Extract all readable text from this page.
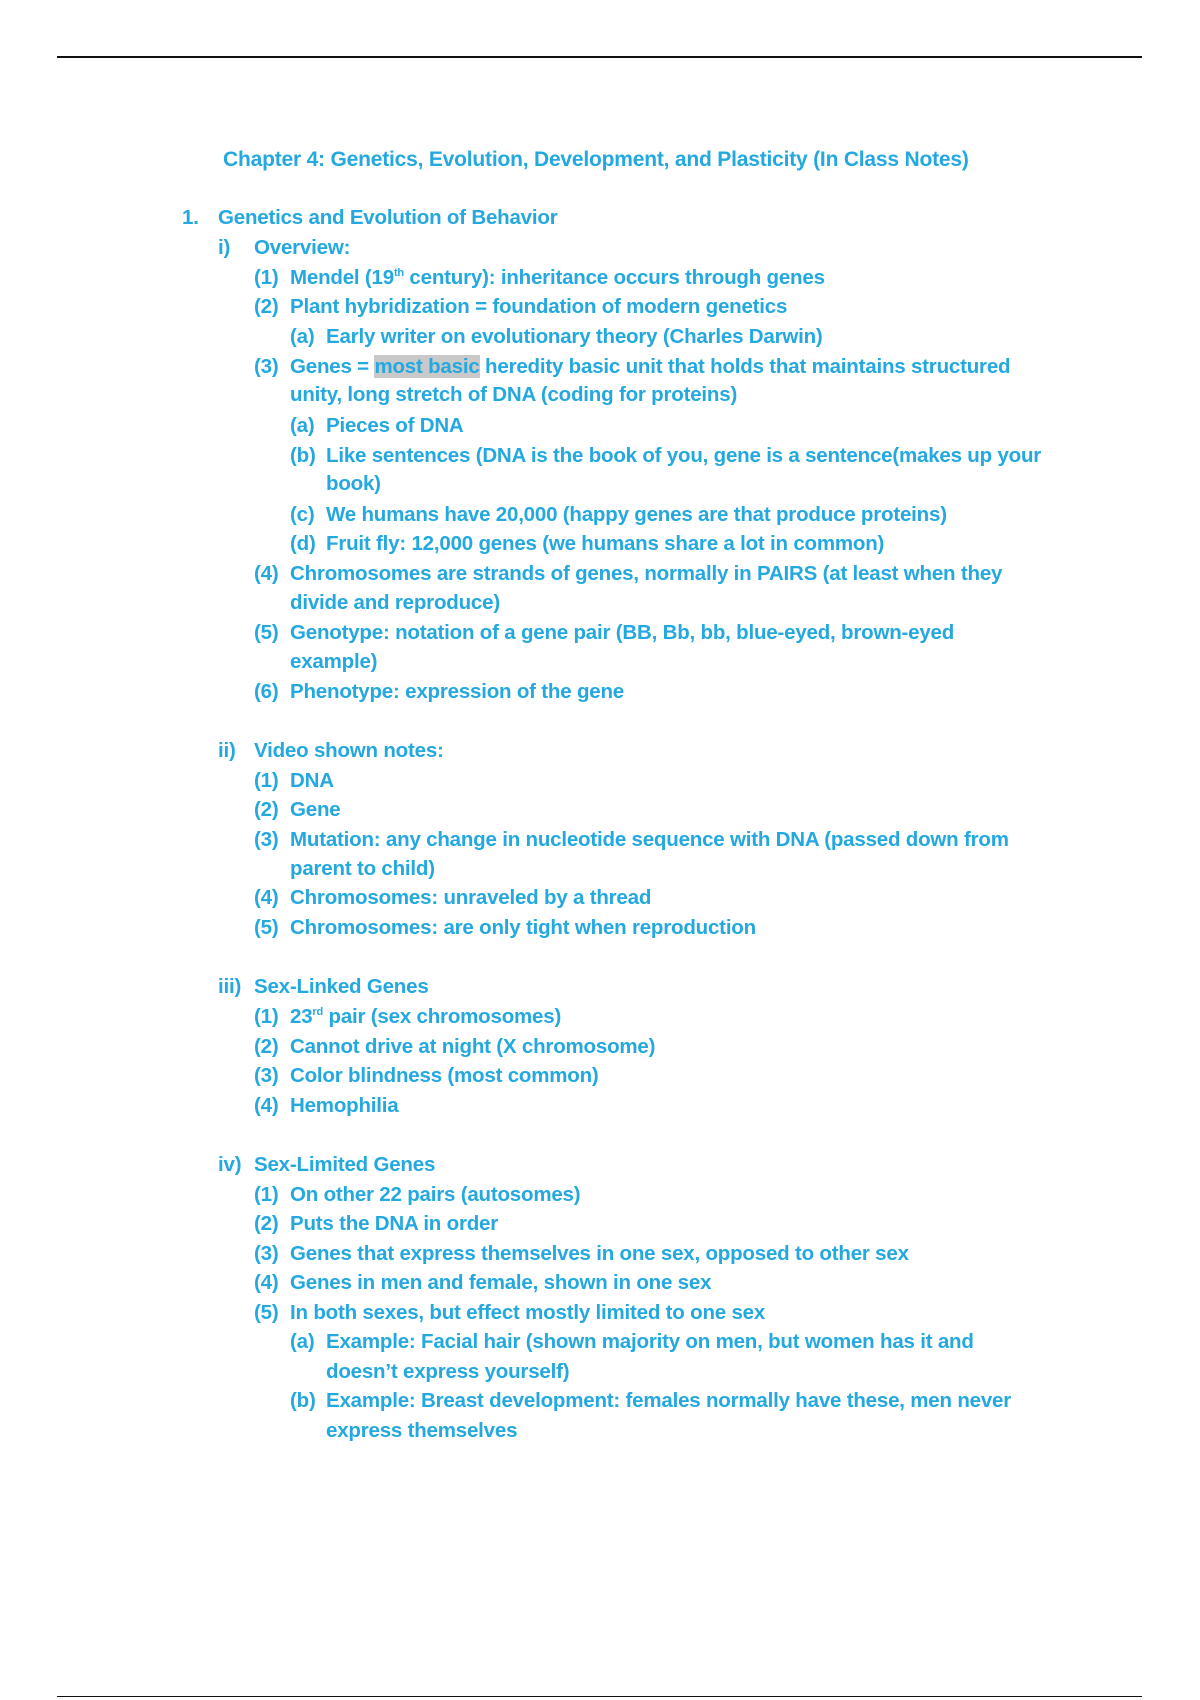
Chapter 4: Genetics, Evolution, Development, and Plasticity (In Class Notes)
1. Genetics and Evolution of Behavior
i) Overview:
(1) Mendel (19th century): inheritance occurs through genes
(2) Plant hybridization = foundation of modern genetics
(a) Early writer on evolutionary theory (Charles Darwin)
(3) Genes = most basic heredity basic unit that holds that maintains structured
unity, long stretch of DNA (coding for proteins)
(a) Pieces of DNA
(b) Like sentences (DNA is the book of you, gene is a sentence(makes up your
book)
(c) We humans have 20,000 (happy genes are that produce proteins)
(d) Fruit fly: 12,000 genes (we humans share a lot in common)
(4) Chromosomes are strands of genes, normally in PAIRS (at least when they
divide and reproduce)
(5) Genotype: notation of a gene pair (BB, Bb, bb, blue-eyed, brown-eyed
example)
(6) Phenotype: expression of the gene
ii) Video shown notes:
(1) DNA
(2) Gene
(3) Mutation: any change in nucleotide sequence with DNA (passed down from
parent to child)
(4) Chromosomes: unraveled by a thread
(5) Chromosomes: are only tight when reproduction
iii) Sex-Linked Genes
(1) 23rd pair (sex chromosomes)
(2) Cannot drive at night (X chromosome)
(3) Color blindness (most common)
(4) Hemophilia
iv) Sex-Limited Genes
(1) On other 22 pairs (autosomes)
(2) Puts the DNA in order
(3) Genes that express themselves in one sex, opposed to other sex
(4) Genes in men and female, shown in one sex
(5) In both sexes, but effect mostly limited to one sex
(a) Example: Facial hair (shown majority on men, but women has it and
doesn’t express yourself)
(b) Example: Breast development: females normally have these, men never
express themselves
